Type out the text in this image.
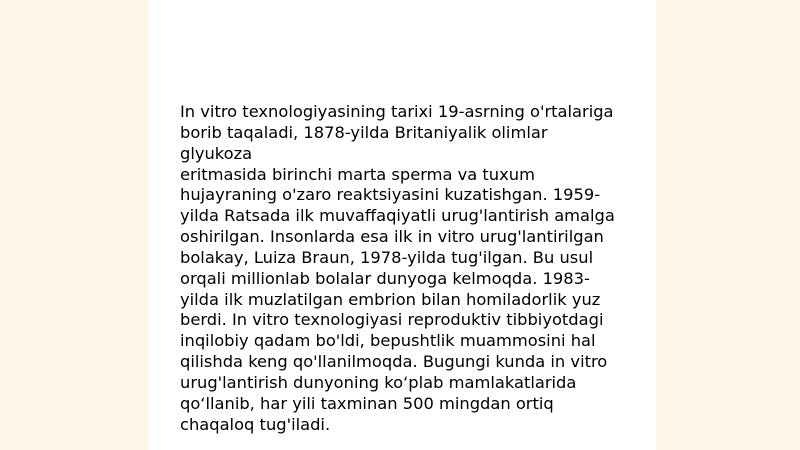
In vitro texnologiyasining tarixi 19-asrning o'rtalariga
borib taqaladi, 1878-yilda Britaniyalik olimlar glyukoza
eritmasida birinchi marta sperma va tuxum
hujayraning o'zaro reaktsiyasini kuzatishgan. 1959-
yilda Ratsada ilk muvaffaqiyatli urug'lantirish amalga
oshirilgan. Insonlarda esa ilk in vitro urug'lantirilgan
bolakay, Luiza Braun, 1978-yilda tug'ilgan. Bu usul
orqali millionlab bolalar dunyoga kelmoqda. 1983-
yilda ilk muzlatilgan embrion bilan homiladorlik yuz
berdi. In vitro texnologiyasi reproduktiv tibbiyotdagi
inqilobiy qadam bo'ldi, bepushtlik muammosini hal
qilishda keng qo'llanilmoqda. Bugungi kunda in vitro
urug'lantirish dunyoning ko‘plab mamlakatlarida
qo‘llanib, har yili taxminan 500 mingdan ortiq
chaqaloq tug'iladi.
